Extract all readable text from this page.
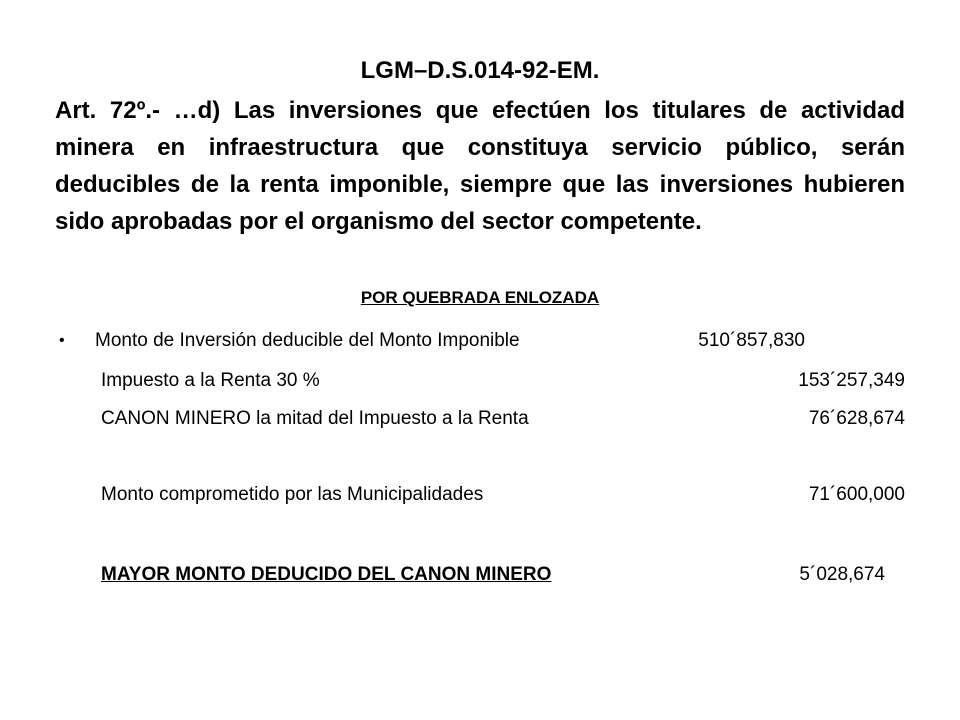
LGM–D.S.014-92-EM.

Art. 72º.- …d) Las inversiones que efectúen los titulares de actividad minera en infraestructura que constituya servicio público, serán deducibles de la renta imponible, siempre que las inversiones hubieren sido aprobadas por el organismo del sector competente.

POR QUEBRADA ENLOZADA
• Monto de Inversión deducible del Monto Imponible	510´857,830
Impuesto a la Renta 30 %	153´257,349
CANON MINERO la mitad del Impuesto a la Renta	76´628,674
Monto comprometido por las Municipalidades	71´600,000
MAYOR MONTO DEDUCIDO DEL CANON MINERO	5´028,674
